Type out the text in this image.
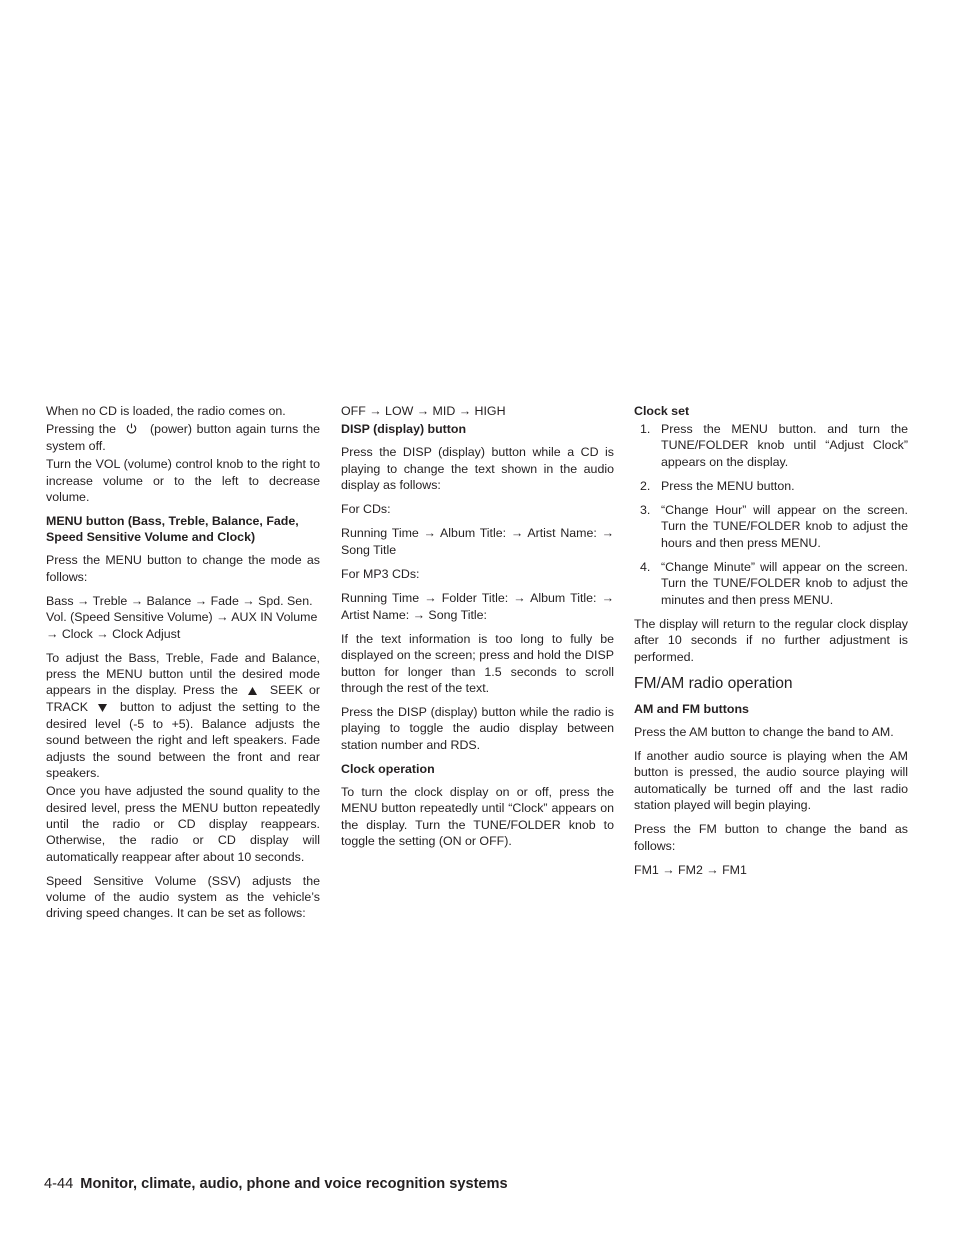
When no CD is loaded, the radio comes on.

Pressing the	(power) button again turns the system off.

Turn the VOL (volume) control knob to the right to increase volume or to the left to decrease volume.

MENU button (Bass, Treble, Balance, Fade, Speed Sensitive Volume and Clock)

Press the MENU button to change the mode as follows:

Bass → Treble → Balance → Fade → Spd. Sen. Vol. (Speed Sensitive Volume) → AUX IN Volume → Clock → Clock Adjust

To adjust the Bass, Treble, Fade and Balance, press the MENU button until the desired mode appears in the display. Press the	SEEK or TRACK	button to adjust the setting to the desired level (-5 to +5). Balance adjusts the sound between the right and left speakers. Fade adjusts the sound between the front and rear speakers.

Once you have adjusted the sound quality to the desired level, press the MENU button repeatedly until the radio or CD display reappears. Otherwise, the radio or CD display will automatically reappear after about 10 seconds.

Speed Sensitive Volume (SSV) adjusts the volume of the audio system as the vehicle’s driving speed changes. It can be set as follows:

OFF → LOW → MID → HIGH

DISP (display) button

Press the DISP (display) button while a CD is playing to change the text shown in the audio display as follows:

For CDs:

Running Time → Album Title: → Artist Name: → Song Title

For MP3 CDs:

Running Time → Folder Title: → Album Title: → Artist Name: → Song Title:

If the text information is too long to fully be displayed on the screen; press and hold the DISP button for longer than 1.5 seconds to scroll through the rest of the text.

Press the DISP (display) button while the radio is playing to toggle the audio display between station number and RDS.

Clock operation

To turn the clock display on or off, press the MENU button repeatedly until “Clock” appears on the display. Turn the TUNE/FOLDER knob to toggle the setting (ON or OFF).

Clock set
1. Press the MENU button. and turn the TUNE/FOLDER knob until “Adjust Clock” appears on the display.
2. Press the MENU button.
3. “Change Hour” will appear on the screen. Turn the TUNE/FOLDER knob to adjust the hours and then press MENU.
4. “Change Minute” will appear on the screen. Turn the TUNE/FOLDER knob to adjust the minutes and then press MENU.

The display will return to the regular clock display after 10 seconds if no further adjustment is performed.

FM/AM radio operation
AM and FM buttons

Press the AM button to change the band to AM.

If another audio source is playing when the AM button is pressed, the audio source playing will automatically be turned off and the last radio station played will begin playing.

Press the FM button to change the band as follows:

FM1 → FM2 → FM1

4-44 Monitor, climate, audio, phone and voice recognition systems
